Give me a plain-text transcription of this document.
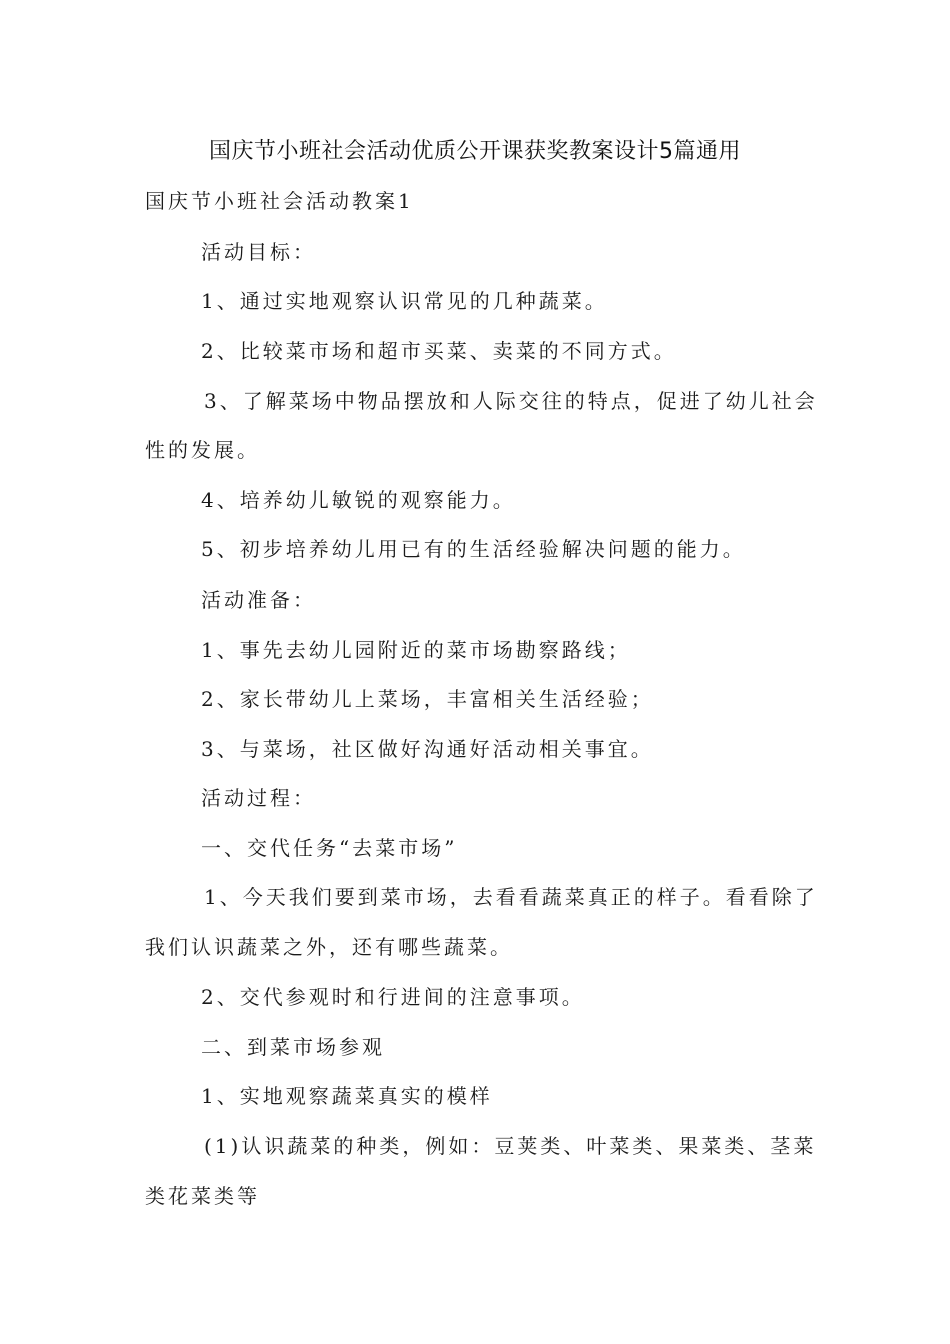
国庆节小班社会活动优质公开课获奖教案设计5篇通用
国庆节小班社会活动教案1
活动目标：
1、通过实地观察认识常见的几种蔬菜。
2、比较菜市场和超市买菜、卖菜的不同方式。
3、了解菜场中物品摆放和人际交往的特点，促进了幼儿社会
性的发展。
4、培养幼儿敏锐的观察能力。
5、初步培养幼儿用已有的生活经验解决问题的能力。
活动准备：
1、事先去幼儿园附近的菜市场勘察路线；
2、家长带幼儿上菜场，丰富相关生活经验；
3、与菜场，社区做好沟通好活动相关事宜。
活动过程：
一、交代任务“去菜市场”
1、今天我们要到菜市场，去看看蔬菜真正的样子。看看除了
我们认识蔬菜之外，还有哪些蔬菜。
2、交代参观时和行进间的注意事项。
二、到菜市场参观
1、实地观察蔬菜真实的模样
(1)认识蔬菜的种类，例如：豆荚类、叶菜类、果菜类、茎菜
类花菜类等
